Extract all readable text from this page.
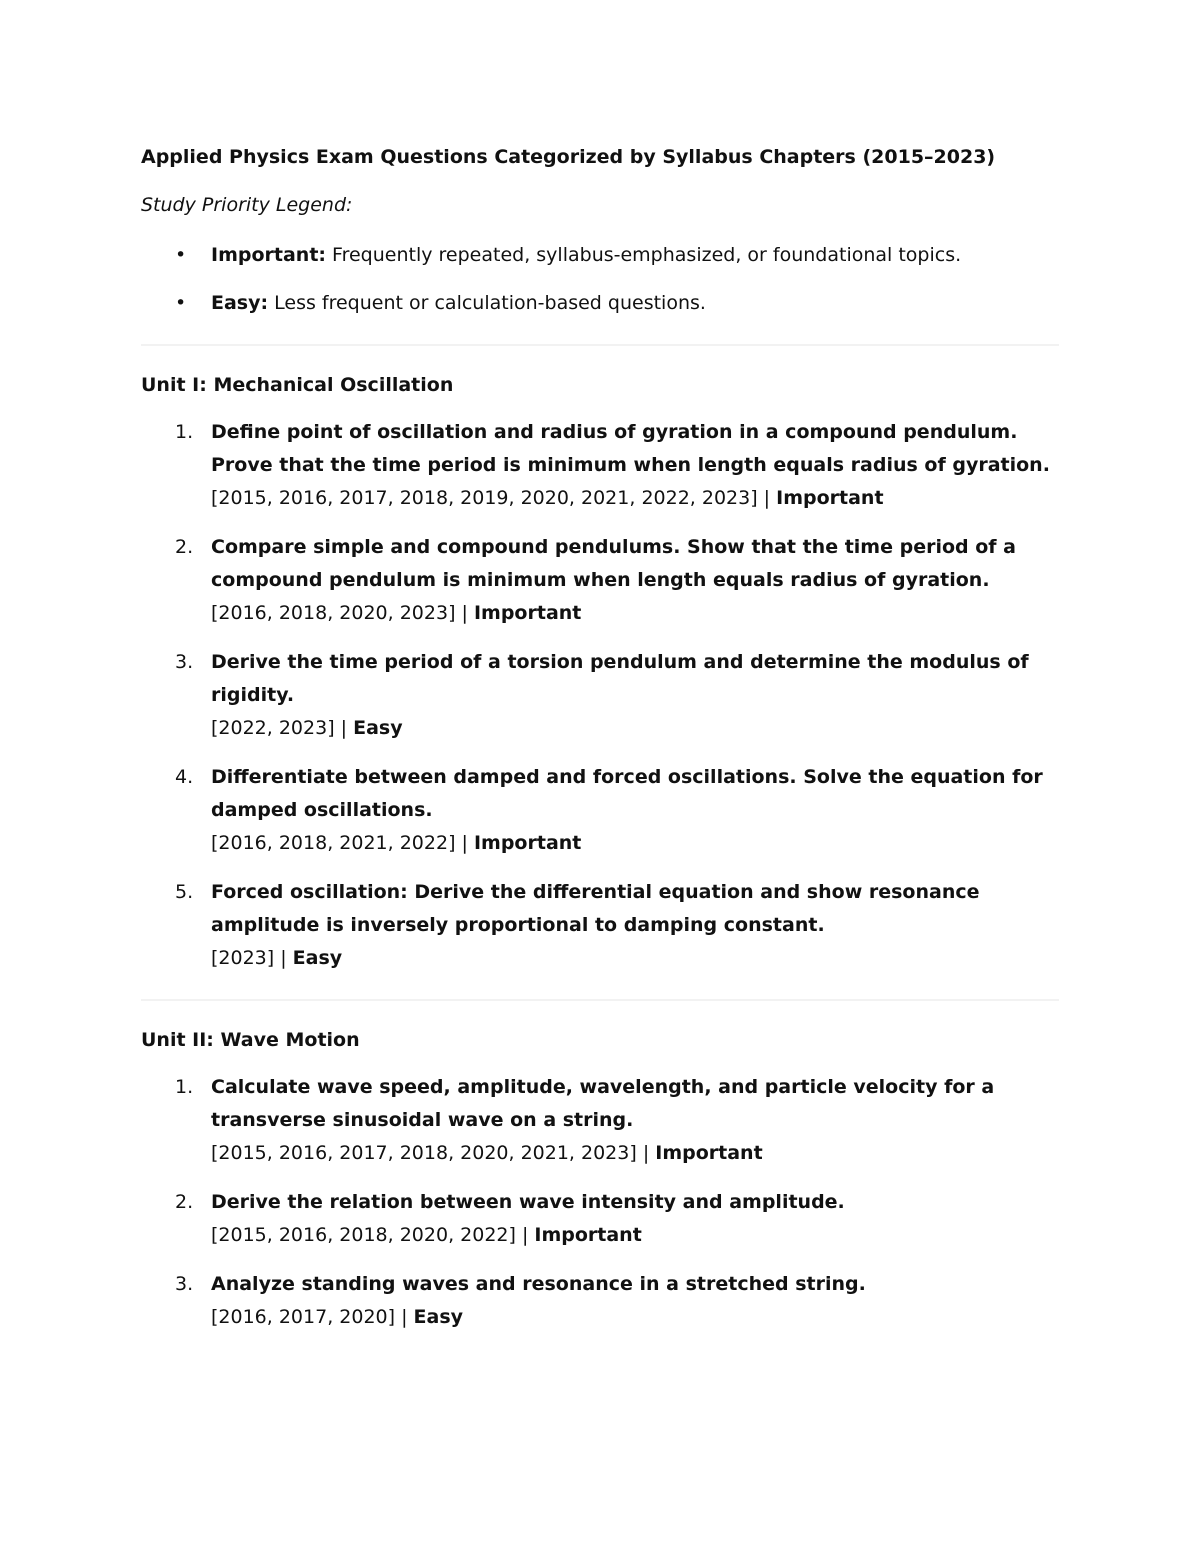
Applied Physics Exam Questions Categorized by Syllabus Chapters (2015–2023)

Study Priority Legend:
• Important: Frequently repeated, syllabus-emphasized, or foundational topics.
• Easy: Less frequent or calculation-based questions.

Unit I: Mechanical Oscillation

1. Define point of oscillation and radius of gyration in a compound pendulum. Prove that the time period is minimum when length equals radius of gyration.
[2015, 2016, 2017, 2018, 2019, 2020, 2021, 2022, 2023] | Important
2. Compare simple and compound pendulums. Show that the time period of a compound pendulum is minimum when length equals radius of gyration.
[2016, 2018, 2020, 2023] | Important
3. Derive the time period of a torsion pendulum and determine the modulus of rigidity.
[2022, 2023] | Easy
4. Differentiate between damped and forced oscillations. Solve the equation for damped oscillations.
[2016, 2018, 2021, 2022] | Important
5. Forced oscillation: Derive the differential equation and show resonance amplitude is inversely proportional to damping constant.
[2023] | Easy

Unit II: Wave Motion

1. Calculate wave speed, amplitude, wavelength, and particle velocity for a transverse sinusoidal wave on a string.
[2015, 2016, 2017, 2018, 2020, 2021, 2023] | Important
2. Derive the relation between wave intensity and amplitude.
[2015, 2016, 2018, 2020, 2022] | Important
3. Analyze standing waves and resonance in a stretched string.
[2016, 2017, 2020] | Easy
